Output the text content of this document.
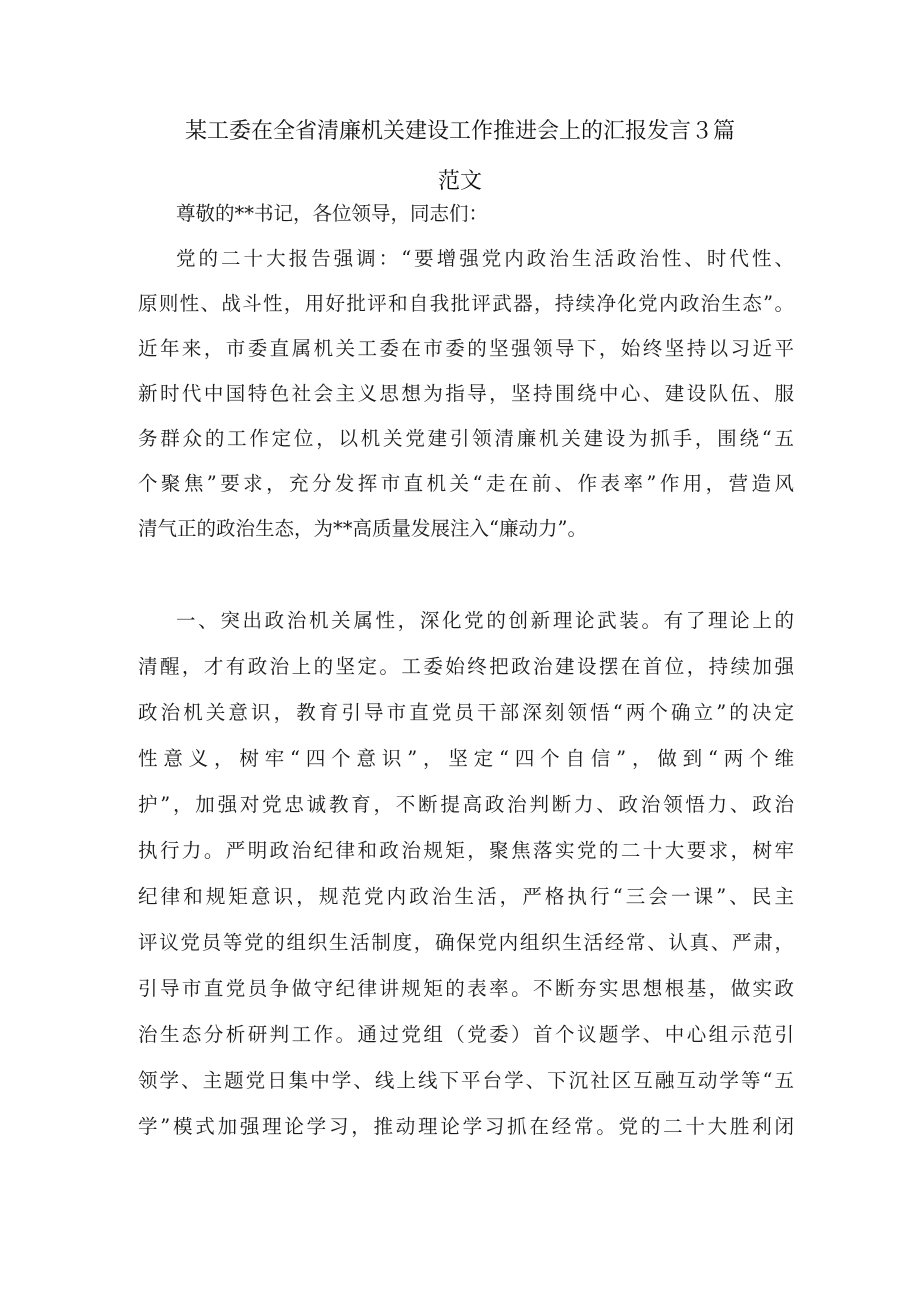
某工委在全省清廉机关建设工作推进会上的汇报发言３篇
范文
尊敬的**书记，各位领导，同志们：
党的二十大报告强调：“要增强党内政治生活政治性、时代性、
原则性、战斗性，用好批评和自我批评武器，持续净化党内政治生态”。
近年来，市委直属机关工委在市委的坚强领导下，始终坚持以习近平
新时代中国特色社会主义思想为指导，坚持围绕中心、建设队伍、服
务群众的工作定位，以机关党建引领清廉机关建设为抓手，围绕“五
个聚焦”要求，充分发挥市直机关“走在前、作表率”作用，营造风
清气正的政治生态，为**高质量发展注入“廉动力”。
一、突出政治机关属性，深化党的创新理论武装。有了理论上的
清醒，才有政治上的坚定。工委始终把政治建设摆在首位，持续加强
政治机关意识，教育引导市直党员干部深刻领悟“两个确立”的决定
性意义，树牢“四个意识”，坚定“四个自信”，做到“两个维
护”，加强对党忠诚教育，不断提高政治判断力、政治领悟力、政治
执行力。严明政治纪律和政治规矩，聚焦落实党的二十大要求，树牢
纪律和规矩意识，规范党内政治生活，严格执行“三会一课”、民主
评议党员等党的组织生活制度，确保党内组织生活经常、认真、严肃，
引导市直党员争做守纪律讲规矩的表率。不断夯实思想根基，做实政
治生态分析研判工作。通过党组（党委）首个议题学、中心组示范引
领学、主题党日集中学、线上线下平台学、下沉社区互融互动学等“五
学”模式加强理论学习，推动理论学习抓在经常。党的二十大胜利闭
